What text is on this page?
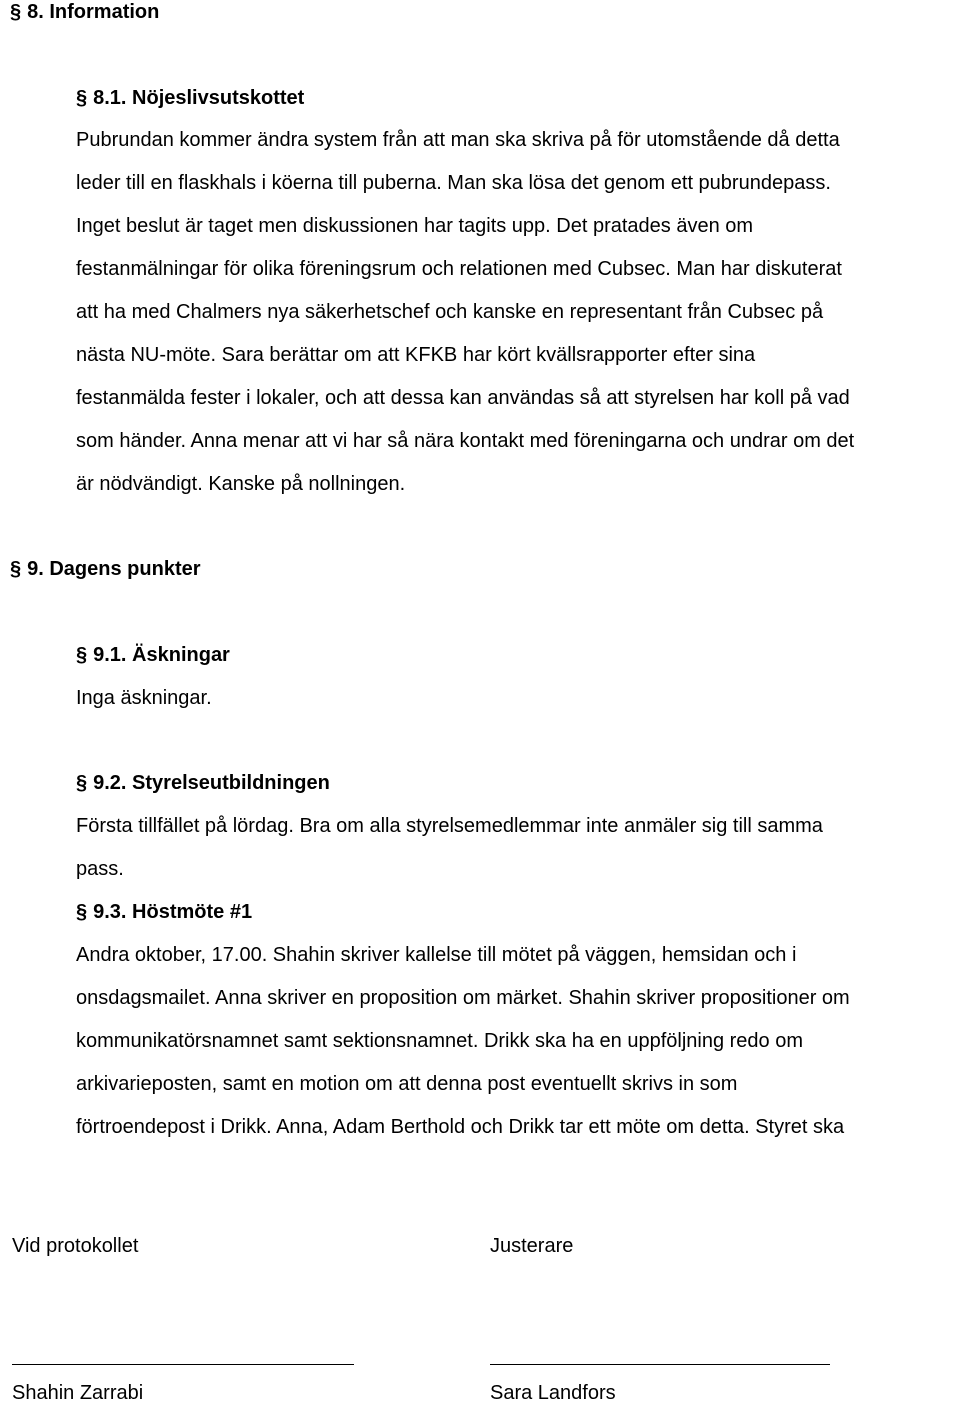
§ 8. Information
§ 8.1. Nöjeslivsutskottet
Pubrundan kommer ändra system från att man ska skriva på för utomstående då detta
leder till en flaskhals i köerna till puberna. Man ska lösa det genom ett pubrundepass.
Inget beslut är taget men diskussionen har tagits upp. Det pratades även om
festanmälningar för olika föreningsrum och relationen med Cubsec. Man har diskuterat
att ha med Chalmers nya säkerhetschef och kanske en representant från Cubsec på
nästa NU-möte. Sara berättar om att KFKB har kört kvällsrapporter efter sina
festanmälda fester i lokaler, och att dessa kan användas så att styrelsen har koll på vad
som händer. Anna menar att vi har så nära kontakt med föreningarna och undrar om det
är nödvändigt. Kanske på nollningen.
§ 9. Dagens punkter
§ 9.1. Äskningar
Inga äskningar.
§ 9.2. Styrelseutbildningen
Första tillfället på lördag. Bra om alla styrelsemedlemmar inte anmäler sig till samma
pass.
§ 9.3. Höstmöte #1
Andra oktober, 17.00. Shahin skriver kallelse till mötet på väggen, hemsidan och i
onsdagsmailet. Anna skriver en proposition om märket. Shahin skriver propositioner om
kommunikatörsnamnet samt sektionsnamnet. Drikk ska ha en uppföljning redo om
arkivarieposten, samt en motion om att denna post eventuellt skrivs in som
förtroendepost i Drikk. Anna, Adam Berthold och Drikk tar ett möte om detta. Styret ska
Vid protokollet	Justerare
Shahin Zarrabi	Sara Landfors
